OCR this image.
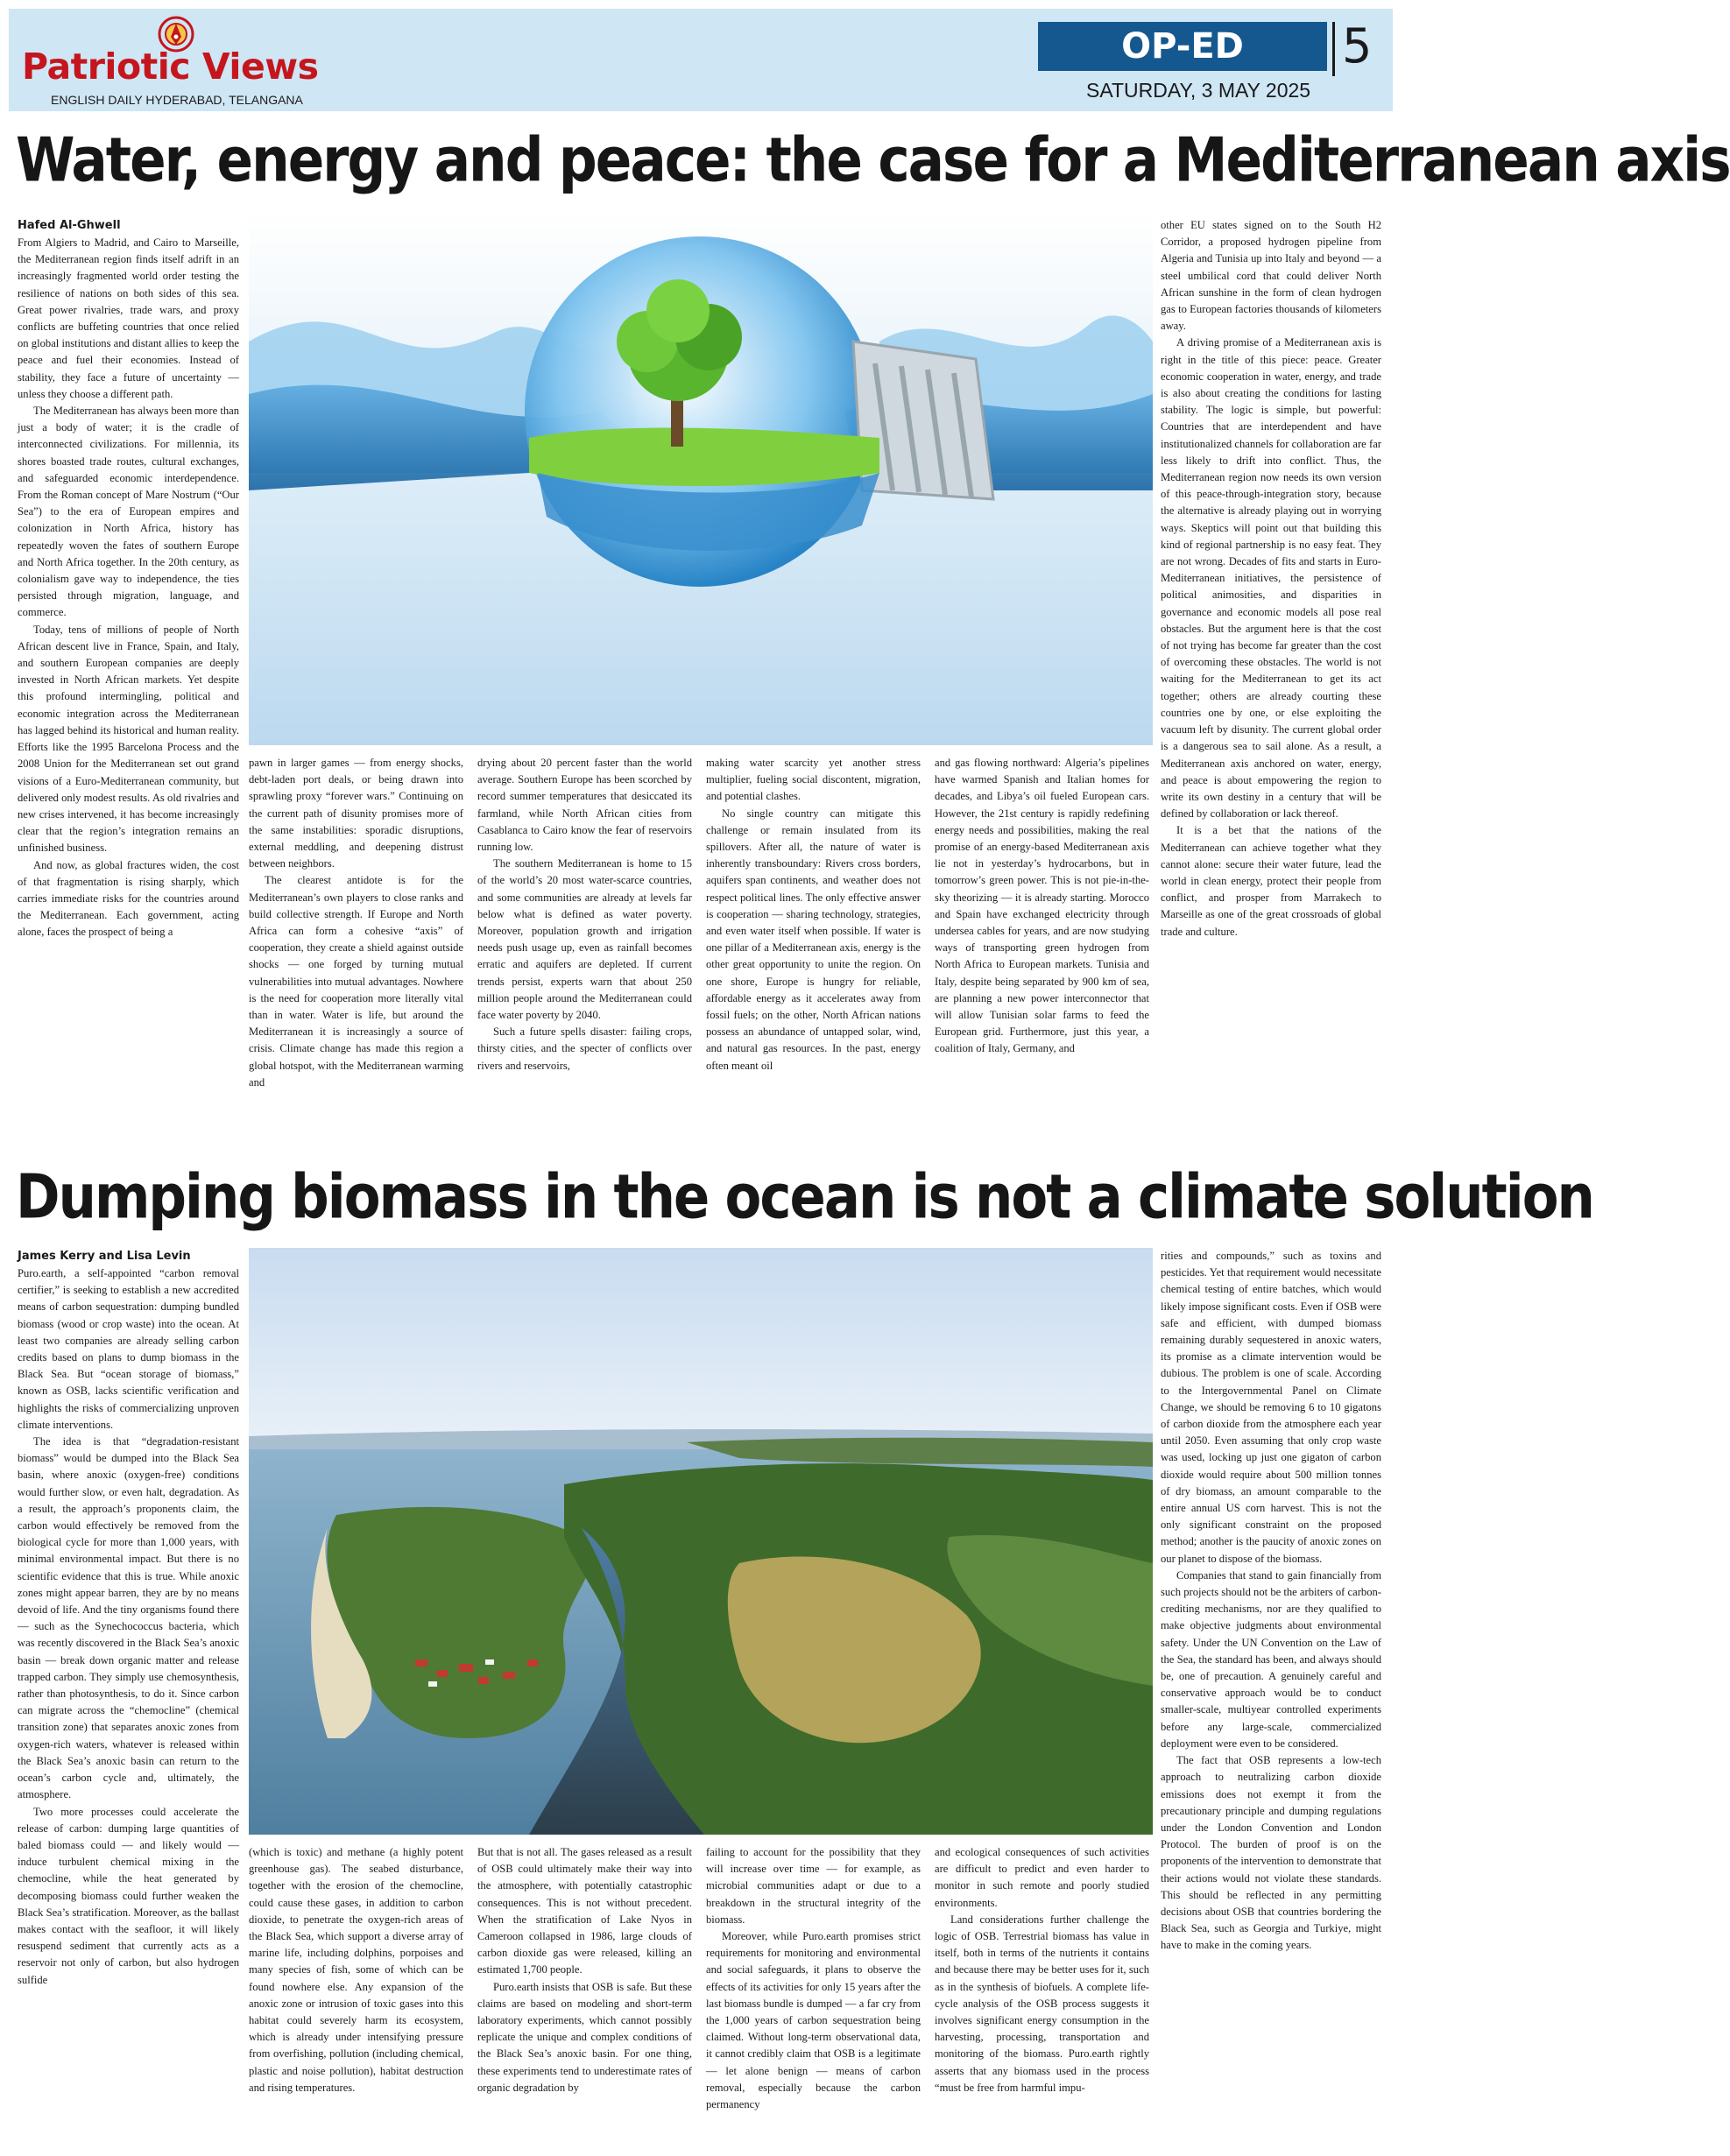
Patriotic Views
ENGLISH DAILY HYDERABAD, TELANGANA
OP-ED	5
SATURDAY, 3 MAY 2025
Water, energy and peace: the case for a Mediterranean axis
Hafed Al-Ghwell

From Algiers to Madrid, and Cairo to Marseille, the Mediterranean region finds itself adrift in an increasingly fragmented world order testing the resilience of nations on both sides of this sea. Great power rivalries, trade wars, and proxy conflicts are buffeting countries that once relied on global institutions and distant allies to keep the peace and fuel their economies. Instead of stability, they face a future of uncertainty — unless they choose a different path.

The Mediterranean has always been more than just a body of water; it is the cradle of interconnected civilizations. For millennia, its shores boasted trade routes, cultural exchanges, and safeguarded economic interdependence. From the Roman concept of Mare Nostrum (“Our Sea”) to the era of European empires and colonization in North Africa, history has repeatedly woven the fates of southern Europe and North Africa together. In the 20th century, as colonialism gave way to independence, the ties persisted through migration, language, and commerce.

Today, tens of millions of people of North African descent live in France, Spain, and Italy, and southern European companies are deeply invested in North African markets. Yet despite this profound intermingling, political and economic integration across the Mediterranean has lagged behind its historical and human reality. Efforts like the 1995 Barcelona Process and the 2008 Union for the Mediterranean set out grand visions of a Euro-Mediterranean community, but delivered only modest results. As old rivalries and new crises intervened, it has become increasingly clear that the region’s integration remains an unfinished business.

And now, as global fractures widen, the cost of that fragmentation is rising sharply, which carries immediate risks for the countries around the Mediterranean. Each government, acting alone, faces the prospect of being a

pawn in larger games — from energy shocks, debt-laden port deals, or being drawn into sprawling proxy “forever wars.” Continuing on the current path of disunity promises more of the same instabilities: sporadic disruptions, external meddling, and deepening distrust between neighbors.

The clearest antidote is for the Mediterranean’s own players to close ranks and build collective strength. If Europe and North Africa can form a cohesive “axis” of cooperation, they create a shield against outside shocks — one forged by turning mutual vulnerabilities into mutual advantages. Nowhere is the need for cooperation more literally vital than in water. Water is life, but around the Mediterranean it is increasingly a source of crisis. Climate change has made this region a global hotspot, with the Mediterranean warming and

drying about 20 percent faster than the world average. Southern Europe has been scorched by record summer temperatures that desiccated its farmland, while North African cities from Casablanca to Cairo know the fear of reservoirs running low.

The southern Mediterranean is home to 15 of the world’s 20 most water-scarce countries, and some communities are already at levels far below what is defined as water poverty. Moreover, population growth and irrigation needs push usage up, even as rainfall becomes erratic and aquifers are depleted. If current trends persist, experts warn that about 250 million people around the Mediterranean could face water poverty by 2040.

Such a future spells disaster: failing crops, thirsty cities, and the specter of conflicts over rivers and reservoirs,

making water scarcity yet another stress multiplier, fueling social discontent, migration, and potential clashes.

No single country can mitigate this challenge or remain insulated from its spillovers. After all, the nature of water is inherently transboundary: Rivers cross borders, aquifers span continents, and weather does not respect political lines. The only effective answer is cooperation — sharing technology, strategies, and even water itself when possible. If water is one pillar of a Mediterranean axis, energy is the other great opportunity to unite the region. On one shore, Europe is hungry for reliable, affordable energy as it accelerates away from fossil fuels; on the other, North African nations possess an abundance of untapped solar, wind, and natural gas resources. In the past, energy often meant oil

and gas flowing northward: Algeria’s pipelines have warmed Spanish and Italian homes for decades, and Libya’s oil fueled European cars. However, the 21st century is rapidly redefining energy needs and possibilities, making the real promise of an energy-based Mediterranean axis lie not in yesterday’s hydrocarbons, but in tomorrow’s green power. This is not pie-in-the-sky theorizing — it is already starting. Morocco and Spain have exchanged electricity through undersea cables for years, and are now studying ways of transporting green hydrogen from North Africa to European markets. Tunisia and Italy, despite being separated by 900 km of sea, are planning a new power interconnector that will allow Tunisian solar farms to feed the European grid. Furthermore, just this year, a coalition of Italy, Germany, and

other EU states signed on to the South H2 Corridor, a proposed hydrogen pipeline from Algeria and Tunisia up into Italy and beyond — a steel umbilical cord that could deliver North African sunshine in the form of clean hydrogen gas to European factories thousands of kilometers away.

A driving promise of a Mediterranean axis is right in the title of this piece: peace. Greater economic cooperation in water, energy, and trade is also about creating the conditions for lasting stability. The logic is simple, but powerful: Countries that are interdependent and have institutionalized channels for collaboration are far less likely to drift into conflict. Thus, the Mediterranean region now needs its own version of this peace-through-integration story, because the alternative is already playing out in worrying ways. Skeptics will point out that building this kind of regional partnership is no easy feat. They are not wrong. Decades of fits and starts in Euro-Mediterranean initiatives, the persistence of political animosities, and disparities in governance and economic models all pose real obstacles. But the argument here is that the cost of not trying has become far greater than the cost of overcoming these obstacles. The world is not waiting for the Mediterranean to get its act together; others are already courting these countries one by one, or else exploiting the vacuum left by disunity. The current global order is a dangerous sea to sail alone. As a result, a Mediterranean axis anchored on water, energy, and peace is about empowering the region to write its own destiny in a century that will be defined by collaboration or lack thereof.

It is a bet that the nations of the Mediterranean can achieve together what they cannot alone: secure their water future, lead the world in clean energy, protect their people from conflict, and prosper from Marrakech to Marseille as one of the great crossroads of global trade and culture.

Dumping biomass in the ocean is not a climate solution
James Kerry and Lisa Levin

Puro.earth, a self-appointed “carbon removal certifier,” is seeking to establish a new accredited means of carbon sequestration: dumping bundled biomass (wood or crop waste) into the ocean. At least two companies are already selling carbon credits based on plans to dump biomass in the Black Sea. But “ocean storage of biomass,” known as OSB, lacks scientific verification and highlights the risks of commercializing unproven climate interventions.

The idea is that “degradation-resistant biomass” would be dumped into the Black Sea basin, where anoxic (oxygen-free) conditions would further slow, or even halt, degradation. As a result, the approach’s proponents claim, the carbon would effectively be removed from the biological cycle for more than 1,000 years, with minimal environmental impact. But there is no scientific evidence that this is true. While anoxic zones might appear barren, they are by no means devoid of life. And the tiny organisms found there — such as the Synechococcus bacteria, which was recently discovered in the Black Sea’s anoxic basin — break down organic matter and release trapped carbon. They simply use chemosynthesis, rather than photosynthesis, to do it. Since carbon can migrate across the “chemocline” (chemical transition zone) that separates anoxic zones from oxygen-rich waters, whatever is released within the Black Sea’s anoxic basin can return to the ocean’s carbon cycle and, ultimately, the atmosphere.

Two more processes could accelerate the release of carbon: dumping large quantities of baled biomass could — and likely would — induce turbulent chemical mixing in the chemocline, while the heat generated by decomposing biomass could further weaken the Black Sea’s stratification. Moreover, as the ballast makes contact with the seafloor, it will likely resuspend sediment that currently acts as a reservoir not only of carbon, but also hydrogen sulfide

(which is toxic) and methane (a highly potent greenhouse gas). The seabed disturbance, together with the erosion of the chemocline, could cause these gases, in addition to carbon dioxide, to penetrate the oxygen-rich areas of the Black Sea, which support a diverse array of marine life, including dolphins, porpoises and many species of fish, some of which can be found nowhere else. Any expansion of the anoxic zone or intrusion of toxic gases into this habitat could severely harm its ecosystem, which is already under intensifying pressure from overfishing, pollution (including chemical, plastic and noise pollution), habitat destruction and rising temperatures.

But that is not all. The gases released as a result of OSB could ultimately make their way into the atmosphere, with potentially catastrophic consequences. This is not without precedent. When the stratification of Lake Nyos in Cameroon collapsed in 1986, large clouds of carbon dioxide gas were released, killing an estimated 1,700 people.

Puro.earth insists that OSB is safe. But these claims are based on modeling and short-term laboratory experiments, which cannot possibly replicate the unique and complex conditions of the Black Sea’s anoxic basin. For one thing, these experiments tend to underestimate rates of organic degradation by

failing to account for the possibility that they will increase over time — for example, as microbial communities adapt or due to a breakdown in the structural integrity of the biomass.

Moreover, while Puro.earth promises strict requirements for monitoring and environmental and social safeguards, it plans to observe the effects of its activities for only 15 years after the last biomass bundle is dumped — a far cry from the 1,000 years of carbon sequestration being claimed. Without long-term observational data, it cannot credibly claim that OSB is a legitimate — let alone benign — means of carbon removal, especially because the carbon permanency

and ecological consequences of such activities are difficult to predict and even harder to monitor in such remote and poorly studied environments.

Land considerations further challenge the logic of OSB. Terrestrial biomass has value in itself, both in terms of the nutrients it contains and because there may be better uses for it, such as in the synthesis of biofuels. A complete life-cycle analysis of the OSB process suggests it involves significant energy consumption in the harvesting, processing, transportation and monitoring of the biomass. Puro.earth rightly asserts that any biomass used in the process “must be free from harmful impu-

rities and compounds,” such as toxins and pesticides. Yet that requirement would necessitate chemical testing of entire batches, which would likely impose significant costs. Even if OSB were safe and efficient, with dumped biomass remaining durably sequestered in anoxic waters, its promise as a climate intervention would be dubious. The problem is one of scale. According to the Intergovernmental Panel on Climate Change, we should be removing 6 to 10 gigatons of carbon dioxide from the atmosphere each year until 2050. Even assuming that only crop waste was used, locking up just one gigaton of carbon dioxide would require about 500 million tonnes of dry biomass, an amount comparable to the entire annual US corn harvest. This is not the only significant constraint on the proposed method; another is the paucity of anoxic zones on our planet to dispose of the biomass.

Companies that stand to gain financially from such projects should not be the arbiters of carbon-crediting mechanisms, nor are they qualified to make objective judgments about environmental safety. Under the UN Convention on the Law of the Sea, the standard has been, and always should be, one of precaution. A genuinely careful and conservative approach would be to conduct smaller-scale, multiyear controlled experiments before any large-scale, commercialized deployment were even to be considered.

The fact that OSB represents a low-tech approach to neutralizing carbon dioxide emissions does not exempt it from the precautionary principle and dumping regulations under the London Convention and London Protocol. The burden of proof is on the proponents of the intervention to demonstrate that their actions would not violate these standards. This should be reflected in any permitting decisions about OSB that countries bordering the Black Sea, such as Georgia and Turkiye, might have to make in the coming years.
